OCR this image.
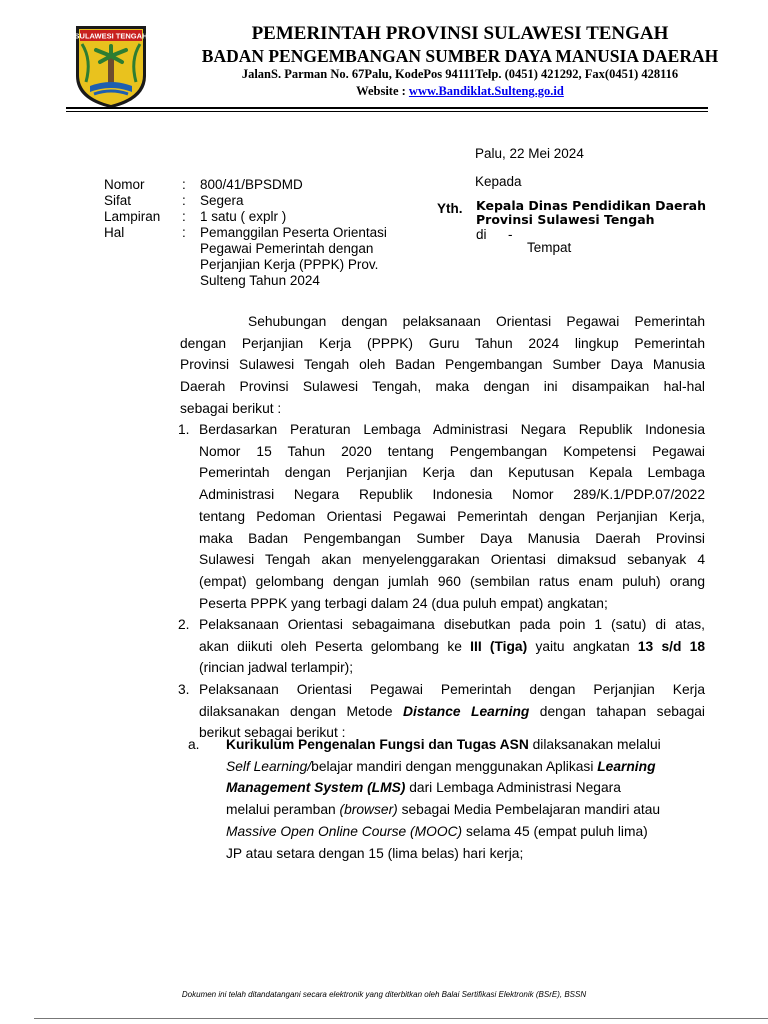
SULAWESI TENGAH	PEMERINTAH PROVINSI SULAWESI TENGAH
BADAN PENGEMBANGAN SUMBER DAYA MANUSIA DAERAH
JalanS. Parman No. 67Palu, KodePos 94111Telp. (0451) 421292, Fax(0451) 428116
Website : www.Bandiklat.Sulteng.go.id
Palu, 22 Mei 2024
Kepada
Yth. Kepala Dinas Pendidikan Daerah
Provinsi Sulawesi Tengah
di -
Tempat
Nomor	: 800/41/BPSDMD
Sifat	: Segera
Lampiran : 1 satu ( explr )
Hal	: Pemanggilan Peserta Orientasi
Pegawai Pemerintah dengan
Perjanjian Kerja (PPPK) Prov.
Sulteng Tahun 2024
Sehubungan dengan pelaksanaan Orientasi Pegawai Pemerintah
dengan Perjanjian Kerja (PPPK) Guru Tahun 2024 lingkup Pemerintah
Provinsi Sulawesi Tengah oleh Badan Pengembangan Sumber Daya Manusia
Daerah Provinsi Sulawesi Tengah, maka dengan ini disampaikan hal-hal
sebagai berikut :
1. Berdasarkan Peraturan Lembaga Administrasi Negara Republik Indonesia
Nomor 15 Tahun 2020 tentang Pengembangan Kompetensi Pegawai
Pemerintah dengan Perjanjian Kerja dan Keputusan Kepala Lembaga
Administrasi Negara Republik Indonesia Nomor 289/K.1/PDP.07/2022
tentang Pedoman Orientasi Pegawai Pemerintah dengan Perjanjian Kerja,
maka Badan Pengembangan Sumber Daya Manusia Daerah Provinsi
Sulawesi Tengah akan menyelenggarakan Orientasi dimaksud sebanyak 4
(empat) gelombang dengan jumlah 960 (sembilan ratus enam puluh) orang
Peserta PPPK yang terbagi dalam 24 (dua puluh empat) angkatan;
2. Pelaksanaan Orientasi sebagaimana disebutkan pada poin 1 (satu) di atas,
akan diikuti oleh Peserta gelombang ke III (Tiga) yaitu angkatan 13 s/d 18
(rincian jadwal terlampir);
3. Pelaksanaan Orientasi Pegawai Pemerintah dengan Perjanjian Kerja
dilaksanakan dengan Metode Distance Learning dengan tahapan sebagai
berikut sebagai berikut :
a. Kurikulum Pengenalan Fungsi dan Tugas ASN dilaksanakan melalui
Self Learning/belajar mandiri dengan menggunakan Aplikasi Learning
Management System (LMS) dari Lembaga Administrasi Negara
melalui peramban (browser) sebagai Media Pembelajaran mandiri atau
Massive Open Online Course (MOOC) selama 45 (empat puluh lima)
JP atau setara dengan 15 (lima belas) hari kerja;
Dokumen ini telah ditandatangani secara elektronik yang diterbitkan oleh Balai Sertifikasi Elektronik (BSrE), BSSN
